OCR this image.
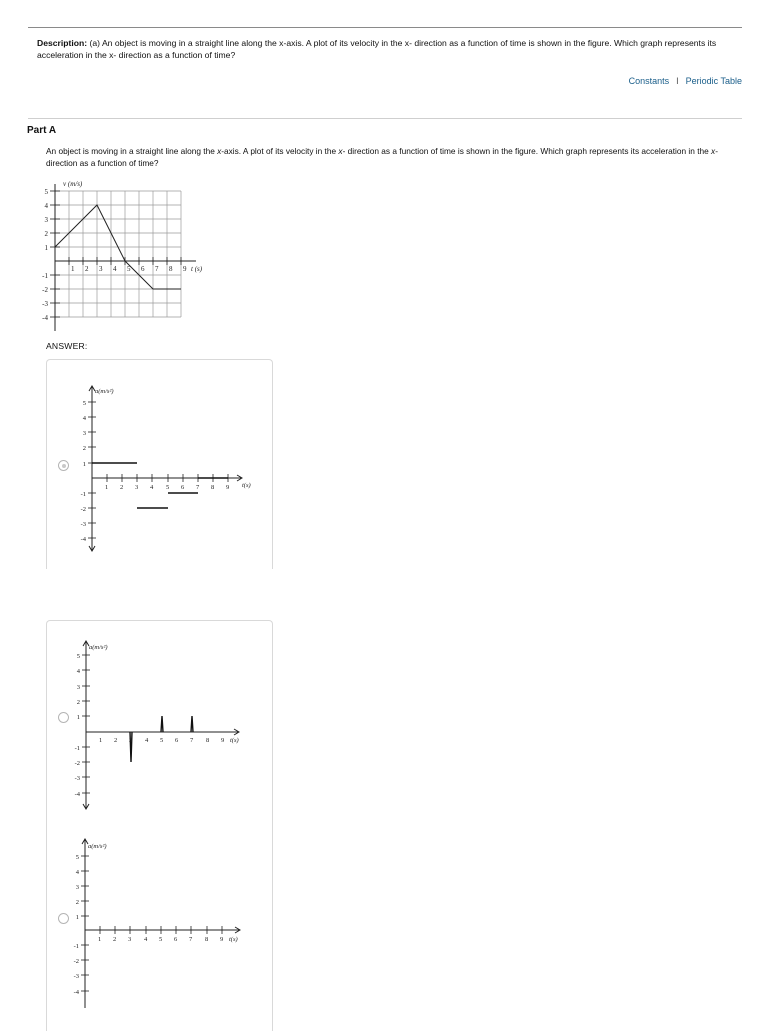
Description: (a) An object is moving in a straight line along the x-axis. A plot of its velocity in the x- direction as a function of time is shown in the figure. Which graph represents its acceleration in the x- direction as a function of time?
Constants I Periodic Table
Part A
An object is moving in a straight line along the x-axis. A plot of its velocity in the x- direction as a function of time is shown in the figure. Which graph represents its acceleration in the x- direction as a function of time?
5
4
3
2
1
-1
-2
-3
-4
1 2 3 4 5 6 7 8 9
v (m/s)
t (s)
ANSWER:
5
4
3
2
1
-1
-2
-3
-4
1 2 3 4 5 6 7 8 9
a(m/s²)
t(s)
5
4
3
2
1
-1
-2
-3
-4
1 2 3 4 5 6 7 8 9
a(m/s²)
t(s)
5
4
3
2
1
-1
-2
-3
-4
1 2 3 4 5 6 7 8 9
a(m/s²)
t(s)
